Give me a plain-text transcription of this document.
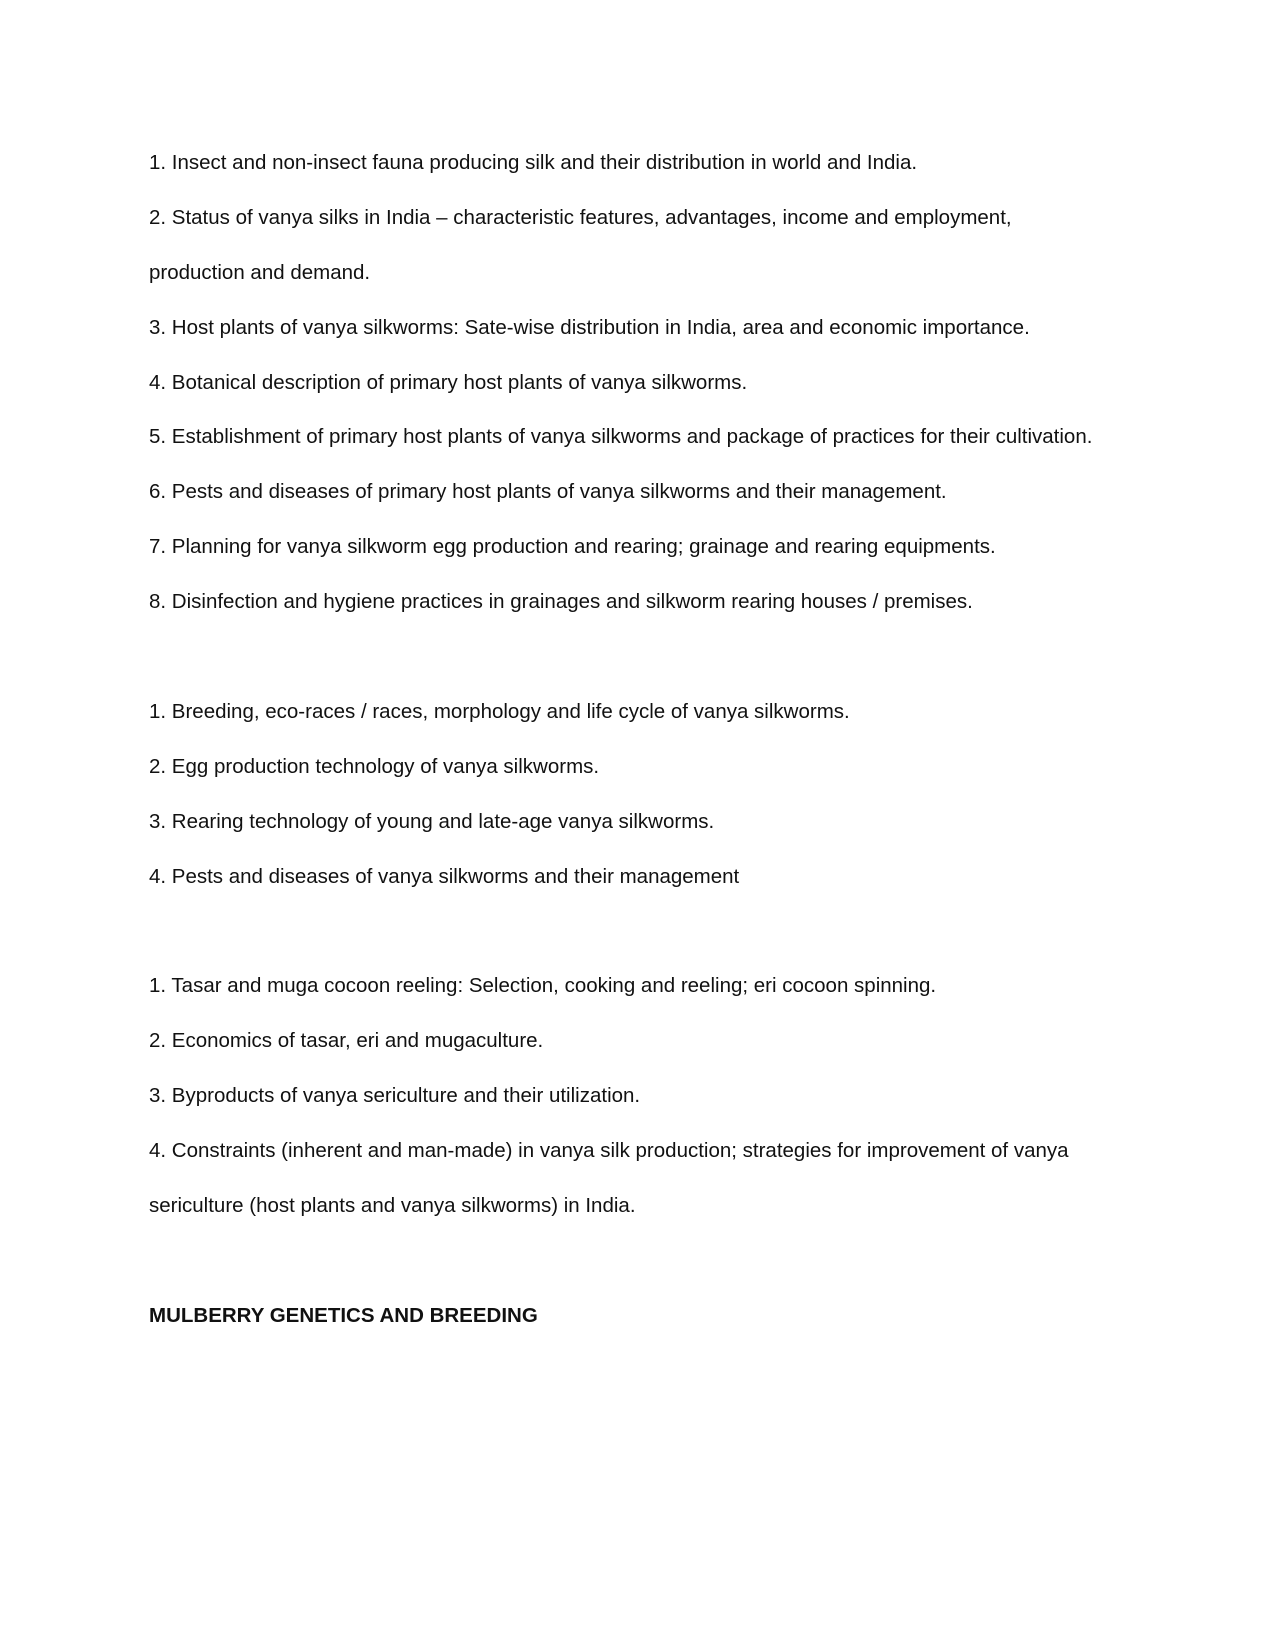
1. Insect and non-insect fauna producing silk and their distribution in world and India.

2. Status of vanya silks in India – characteristic features, advantages, income and employment,

production and demand.

3. Host plants of vanya silkworms: Sate-wise distribution in India, area and economic importance.

4. Botanical description of primary host plants of vanya silkworms.

5. Establishment of primary host plants of vanya silkworms and package of practices for their cultivation.

6. Pests and diseases of primary host plants of vanya silkworms and their management.

7. Planning for vanya silkworm egg production and rearing; grainage and rearing equipments.

8. Disinfection and hygiene practices in grainages and silkworm rearing houses / premises.

1. Breeding, eco-races / races, morphology and life cycle of vanya silkworms.

2. Egg production technology of vanya silkworms.

3. Rearing technology of young and late-age vanya silkworms.

4. Pests and diseases of vanya silkworms and their management

1. Tasar and muga cocoon reeling: Selection, cooking and reeling; eri cocoon spinning.

2. Economics of tasar, eri and mugaculture.

3. Byproducts of vanya sericulture and their utilization.

4. Constraints (inherent and man-made) in vanya silk production; strategies for improvement of vanya

sericulture (host plants and vanya silkworms) in India.

MULBERRY GENETICS AND BREEDING
